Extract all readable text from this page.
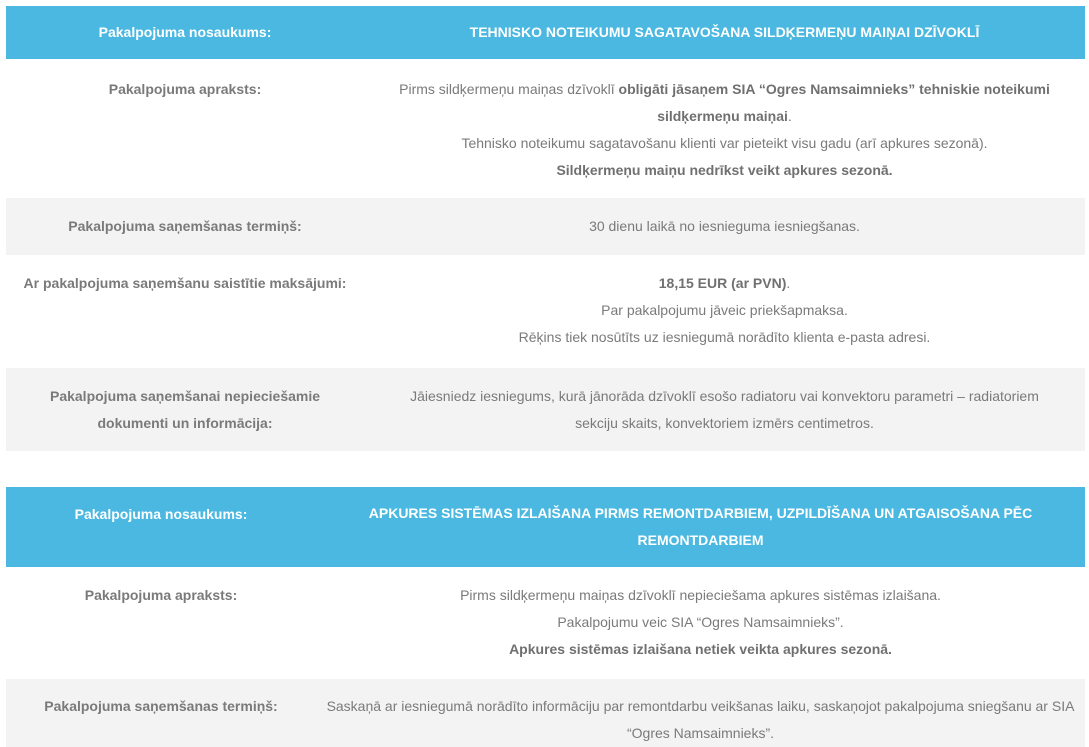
Pakalpojuma nosaukums:	TEHNISKO NOTEIKUMU SAGATAVOŠANA SILDĶERMEŅU MAIŅAI DZĪVOKLĪ
Pakalpojuma apraksts:	Pirms sildķermeņu maiņas dzīvoklī obligāti jāsaņem SIA “Ogres Namsaimnieks” tehniskie noteikumi sildķermeņu maiņai.

Tehnisko noteikumu sagatavošanu klienti var pieteikt visu gadu (arī apkures sezonā).

Sildķermeņu maiņu nedrīkst veikt apkures sezonā.

Pakalpojuma saņemšanas termiņš:	30 dienu laikā no iesnieguma iesniegšanas.
Ar pakalpojuma saņemšanu saistītie maksājumi:	18,15 EUR (ar PVN).

Par pakalpojumu jāveic priekšapmaksa.

Rēķins tiek nosūtīts uz iesniegumā norādīto klienta e-pasta adresi.

Pakalpojuma saņemšanai nepieciešamie dokumenti un informācija:	Jāiesniedz iesniegums, kurā jānorāda dzīvoklī esošo radiatoru vai konvektoru parametri – radiatoriem sekciju skaits, konvektoriem izmērs centimetros.
Pakalpojuma nosaukums:	APKURES SISTĒMAS IZLAIŠANA PIRMS REMONTDARBIEM, UZPILDĪŠANA UN ATGAISOŠANA PĒC REMONTDARBIEM
Pakalpojuma apraksts:	Pirms sildķermeņu maiņas dzīvoklī nepieciešama apkures sistēmas izlaišana.

Pakalpojumu veic SIA “Ogres Namsaimnieks”.

Apkures sistēmas izlaišana netiek veikta apkures sezonā.

Pakalpojuma saņemšanas termiņš:	Saskaņā ar iesniegumā norādīto informāciju par remontdarbu veikšanas laiku, saskaņojot pakalpojuma sniegšanu ar SIA “Ogres Namsaimnieks”.
